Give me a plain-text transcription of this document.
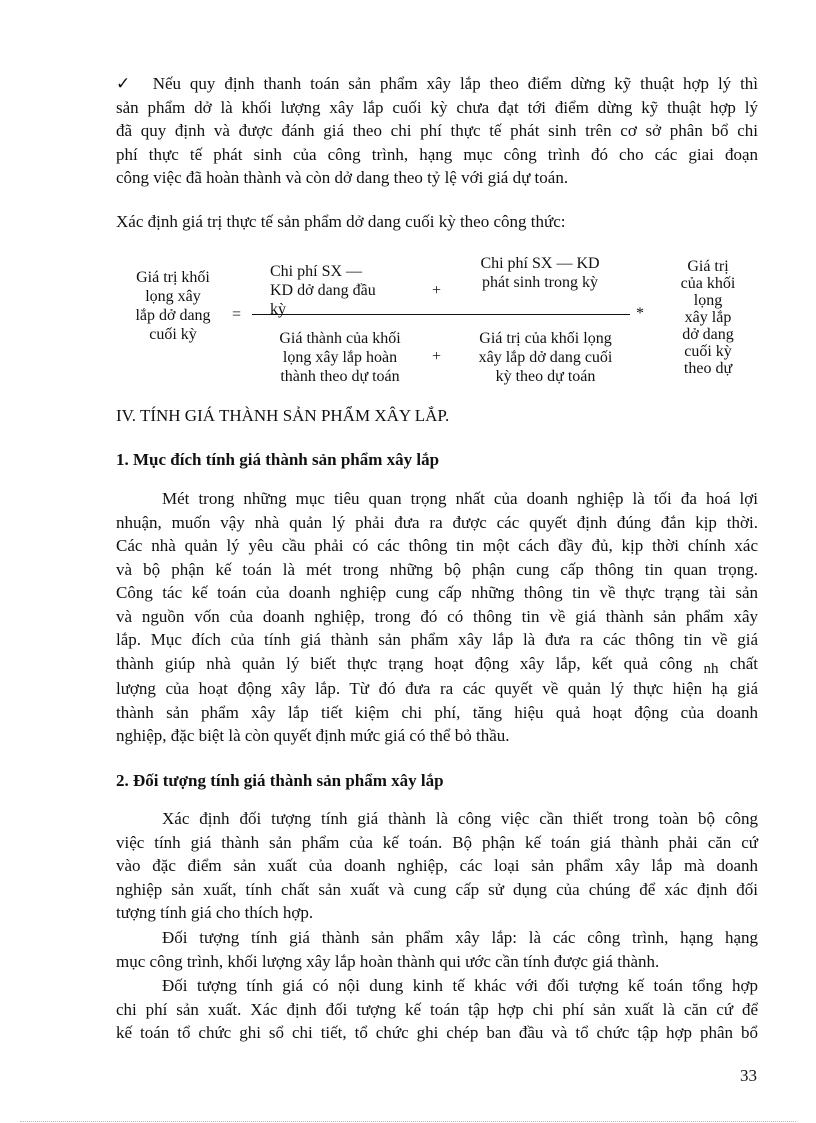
✓ Nếu quy định thanh toán sản phẩm xây lắp theo điểm dừng kỹ thuật hợp lý thì

sản phẩm dở là khối lượng xây lắp cuối kỳ chưa đạt tới điểm dừng kỹ thuật hợp lý

đã quy định và được đánh giá theo chi phí thực tế phát sinh trên cơ sở phân bổ chi

phí thực tế phát sinh của công trình, hạng mục công trình đó cho các giai đoạn

công việc đã hoàn thành và còn dở dang theo tỷ lệ với giá dự toán.

Xác định giá trị thực tế sản phẩm dở dang cuối kỳ theo công thức:

Giá trị khối
lọng xây
lắp dở dang
cuối kỳ
=
Chi phí SX —
KD dở dang đầu
kỳ
+
Chi phí SX — KD
phát sinh trong kỳ
*
Giá thành của khối
lọng xây lắp hoàn
thành theo dự toán
+
Giá trị của khối lọng
xây lắp dở dang cuối
kỳ theo dự toán
Giá trị
của khối
lọng
xây lắp
dở dang
cuối kỳ
theo dự

IV. TÍNH GIÁ THÀNH SẢN PHẨM XÂY LẮP.

1. Mục đích tính giá thành sản phẩm xây lắp

Mét trong những mục tiêu quan trọng nhất của doanh nghiệp là tối đa hoá lợi

nhuận, muốn vậy nhà quản lý phải đưa ra được các quyết định đúng đắn kịp thời.

Các nhà quản lý yêu cầu phải có các thông tin một cách đầy đủ, kịp thời chính xác

và bộ phận kế toán là mét trong những bộ phận cung cấp thông tin quan trọng.

Công tác kế toán của doanh nghiệp cung cấp những thông tin về thực trạng tài sản

và nguồn vốn của doanh nghiệp, trong đó có thông tin về giá thành sản phẩm xây

lắp. Mục đích của tính giá thành sản phẩm xây lắp là đưa ra các thông tin về giá

thành giúp nhà quản lý biết thực trạng hoạt động xây lắp, kết quả công nh chất

lượng của hoạt động xây lắp. Từ đó đưa ra các quyết về quản lý thực hiện hạ giá

thành sản phẩm xây lắp tiết kiệm chi phí, tăng hiệu quả hoạt động của doanh

nghiệp, đặc biệt là còn quyết định mức giá có thể bỏ thầu.

2. Đối tượng tính giá thành sản phẩm xây lắp

Xác định đối tượng tính giá thành là công việc cần thiết trong toàn bộ công

việc tính giá thành sản phẩm của kế toán. Bộ phận kế toán giá thành phải căn cứ

vào đặc điểm sản xuất của doanh nghiệp, các loại sản phẩm xây lắp mà doanh

nghiệp sản xuất, tính chất sản xuất và cung cấp sử dụng của chúng để xác định đối

tượng tính giá cho thích hợp.

Đối tượng tính giá thành sản phẩm xây lắp: là các công trình, hạng hạng

mục công trình, khối lượng xây lắp hoàn thành qui ước cần tính được giá thành.

Đối tượng tính giá có nội dung kinh tế khác với đối tượng kế toán tổng hợp

chi phí sản xuất. Xác định đối tượng kế toán tập hợp chi phí sản xuất là căn cứ để

kế toán tổ chức ghi sổ chi tiết, tổ chức ghi chép ban đầu và tổ chức tập hợp phân bổ

33
